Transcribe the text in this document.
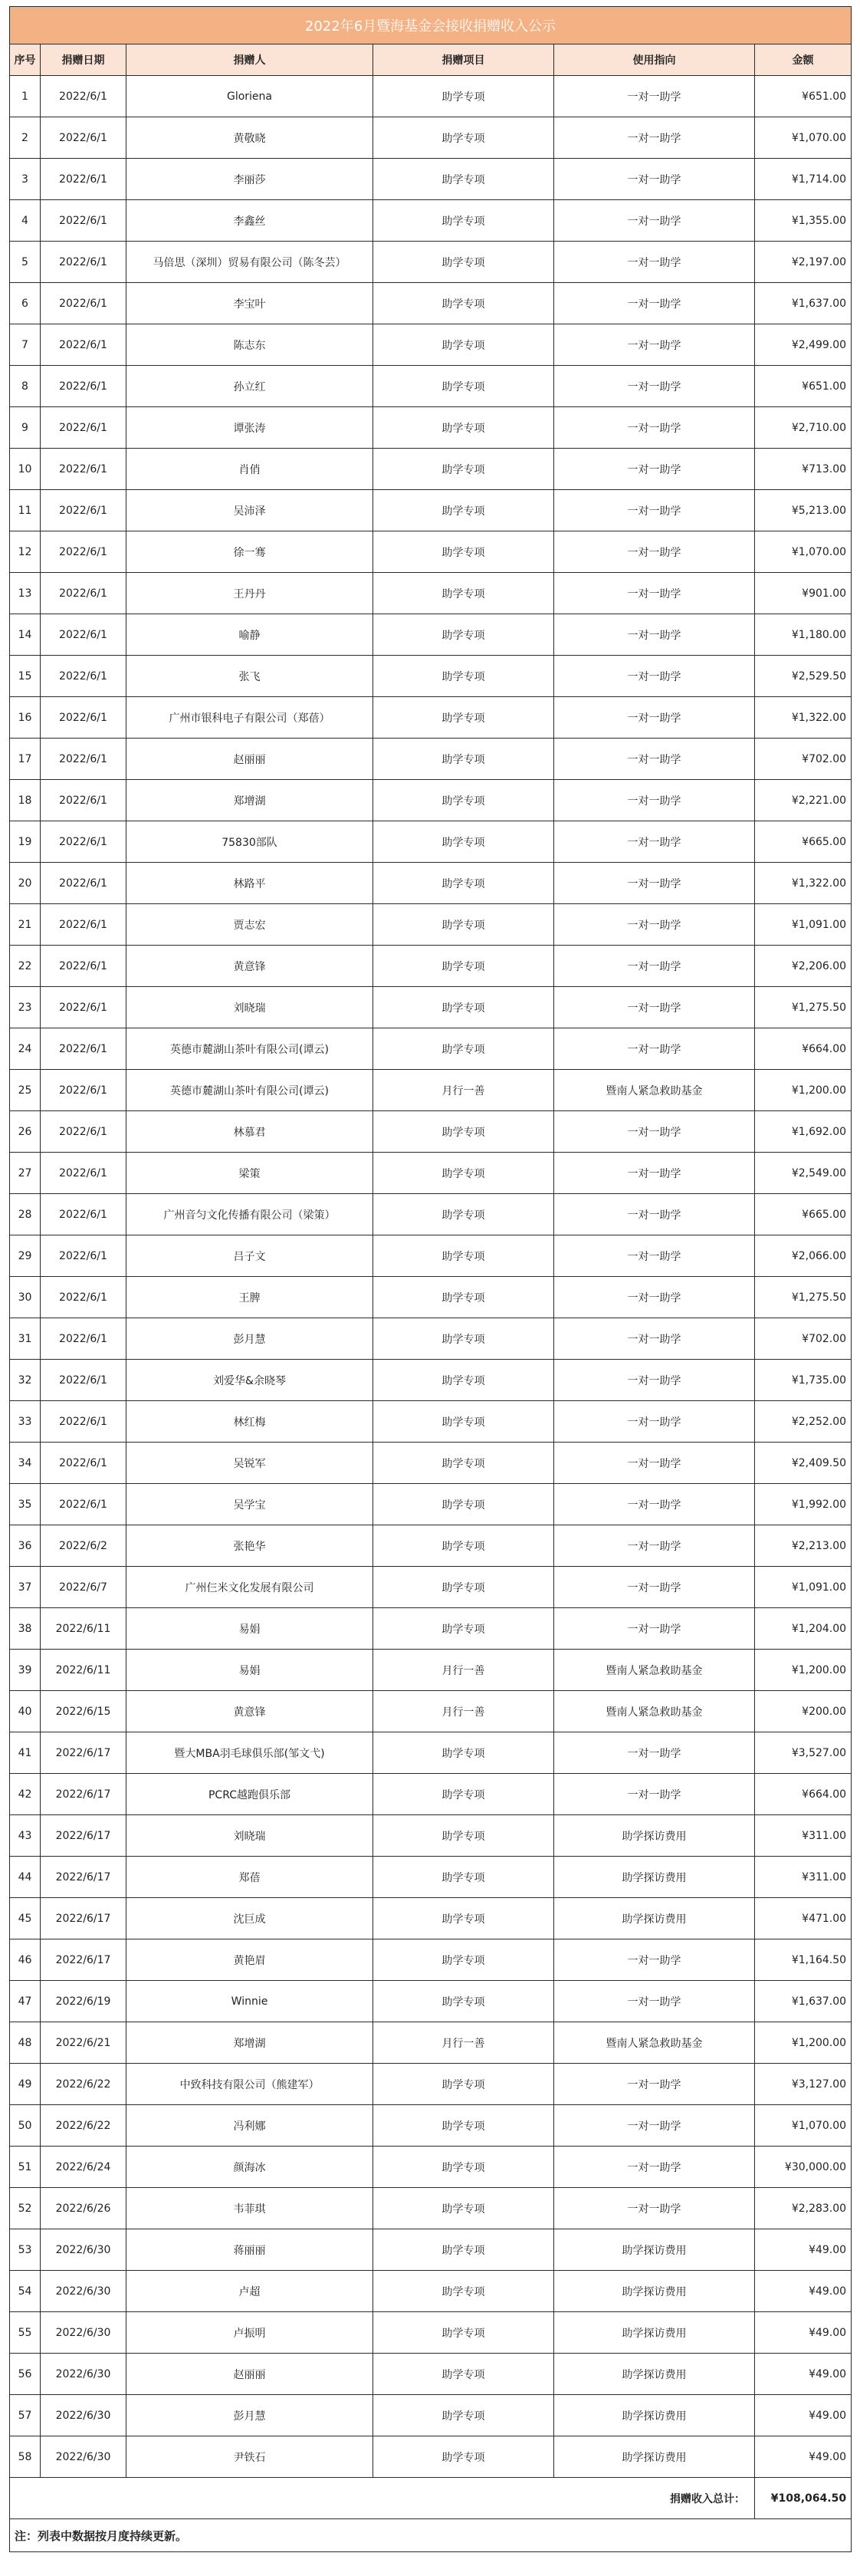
2022年6月暨海基金会接收捐赠收入公示					
序号	捐赠日期	捐赠人	捐赠项目	使用指向	金额
1	2022/6/1	Gloriena	助学专项	一对一助学	¥651.00
2	2022/6/1	黄敬晓	助学专项	一对一助学	¥1,070.00
3	2022/6/1	李丽莎	助学专项	一对一助学	¥1,714.00
4	2022/6/1	李鑫丝	助学专项	一对一助学	¥1,355.00
5	2022/6/1	马倍思（深圳）贸易有限公司（陈冬芸）	助学专项	一对一助学	¥2,197.00
6	2022/6/1	李宝叶	助学专项	一对一助学	¥1,637.00
7	2022/6/1	陈志东	助学专项	一对一助学	¥2,499.00
8	2022/6/1	孙立红	助学专项	一对一助学	¥651.00
9	2022/6/1	谭张涛	助学专项	一对一助学	¥2,710.00
10	2022/6/1	肖俏	助学专项	一对一助学	¥713.00
11	2022/6/1	吴沛泽	助学专项	一对一助学	¥5,213.00
12	2022/6/1	徐一骞	助学专项	一对一助学	¥1,070.00
13	2022/6/1	王丹丹	助学专项	一对一助学	¥901.00
14	2022/6/1	喻静	助学专项	一对一助学	¥1,180.00
15	2022/6/1	张飞	助学专项	一对一助学	¥2,529.50
16	2022/6/1	广州市银科电子有限公司（郑蓓）	助学专项	一对一助学	¥1,322.00
17	2022/6/1	赵丽丽	助学专项	一对一助学	¥702.00
18	2022/6/1	郑增湖	助学专项	一对一助学	¥2,221.00
19	2022/6/1	75830部队	助学专项	一对一助学	¥665.00
20	2022/6/1	林路平	助学专项	一对一助学	¥1,322.00
21	2022/6/1	贾志宏	助学专项	一对一助学	¥1,091.00
22	2022/6/1	黄意锋	助学专项	一对一助学	¥2,206.00
23	2022/6/1	刘晓瑞	助学专项	一对一助学	¥1,275.50
24	2022/6/1	英德市麓湖山茶叶有限公司(谭云)	助学专项	一对一助学	¥664.00
25	2022/6/1	英德市麓湖山茶叶有限公司(谭云)	月行一善	暨南人紧急救助基金	¥1,200.00
26	2022/6/1	林慕君	助学专项	一对一助学	¥1,692.00
27	2022/6/1	梁策	助学专项	一对一助学	¥2,549.00
28	2022/6/1	广州音匀文化传播有限公司（梁策）	助学专项	一对一助学	¥665.00
29	2022/6/1	吕子文	助学专项	一对一助学	¥2,066.00
30	2022/6/1	王脾	助学专项	一对一助学	¥1,275.50
31	2022/6/1	彭月慧	助学专项	一对一助学	¥702.00
32	2022/6/1	刘爱华&余晓琴	助学专项	一对一助学	¥1,735.00
33	2022/6/1	林红梅	助学专项	一对一助学	¥2,252.00
34	2022/6/1	吴锐军	助学专项	一对一助学	¥2,409.50
35	2022/6/1	吴学宝	助学专项	一对一助学	¥1,992.00
36	2022/6/2	张艳华	助学专项	一对一助学	¥2,213.00
37	2022/6/7	广州仨米文化发展有限公司	助学专项	一对一助学	¥1,091.00
38	2022/6/11	易娟	助学专项	一对一助学	¥1,204.00
39	2022/6/11	易娟	月行一善	暨南人紧急救助基金	¥1,200.00
40	2022/6/15	黄意锋	月行一善	暨南人紧急救助基金	¥200.00
41	2022/6/17	暨大MBA羽毛球俱乐部(邹文弋)	助学专项	一对一助学	¥3,527.00
42	2022/6/17	PCRC越跑俱乐部	助学专项	一对一助学	¥664.00
43	2022/6/17	刘晓瑞	助学专项	助学探访费用	¥311.00
44	2022/6/17	郑蓓	助学专项	助学探访费用	¥311.00
45	2022/6/17	沈巨成	助学专项	助学探访费用	¥471.00
46	2022/6/17	黄艳眉	助学专项	一对一助学	¥1,164.50
47	2022/6/19	Winnie	助学专项	一对一助学	¥1,637.00
48	2022/6/21	郑增湖	月行一善	暨南人紧急救助基金	¥1,200.00
49	2022/6/22	中致科技有限公司（熊建军）	助学专项	一对一助学	¥3,127.00
50	2022/6/22	冯利娜	助学专项	一对一助学	¥1,070.00
51	2022/6/24	颜海冰	助学专项	一对一助学	¥30,000.00
52	2022/6/26	韦菲琪	助学专项	一对一助学	¥2,283.00
53	2022/6/30	蒋丽丽	助学专项	助学探访费用	¥49.00
54	2022/6/30	卢超	助学专项	助学探访费用	¥49.00
55	2022/6/30	卢振明	助学专项	助学探访费用	¥49.00
56	2022/6/30	赵丽丽	助学专项	助学探访费用	¥49.00
57	2022/6/30	彭月慧	助学专项	助学探访费用	¥49.00
58	2022/6/30	尹铁石	助学专项	助学探访费用	¥49.00
捐赠收入总计：					¥108,064.50
注：列表中数据按月度持续更新。					
